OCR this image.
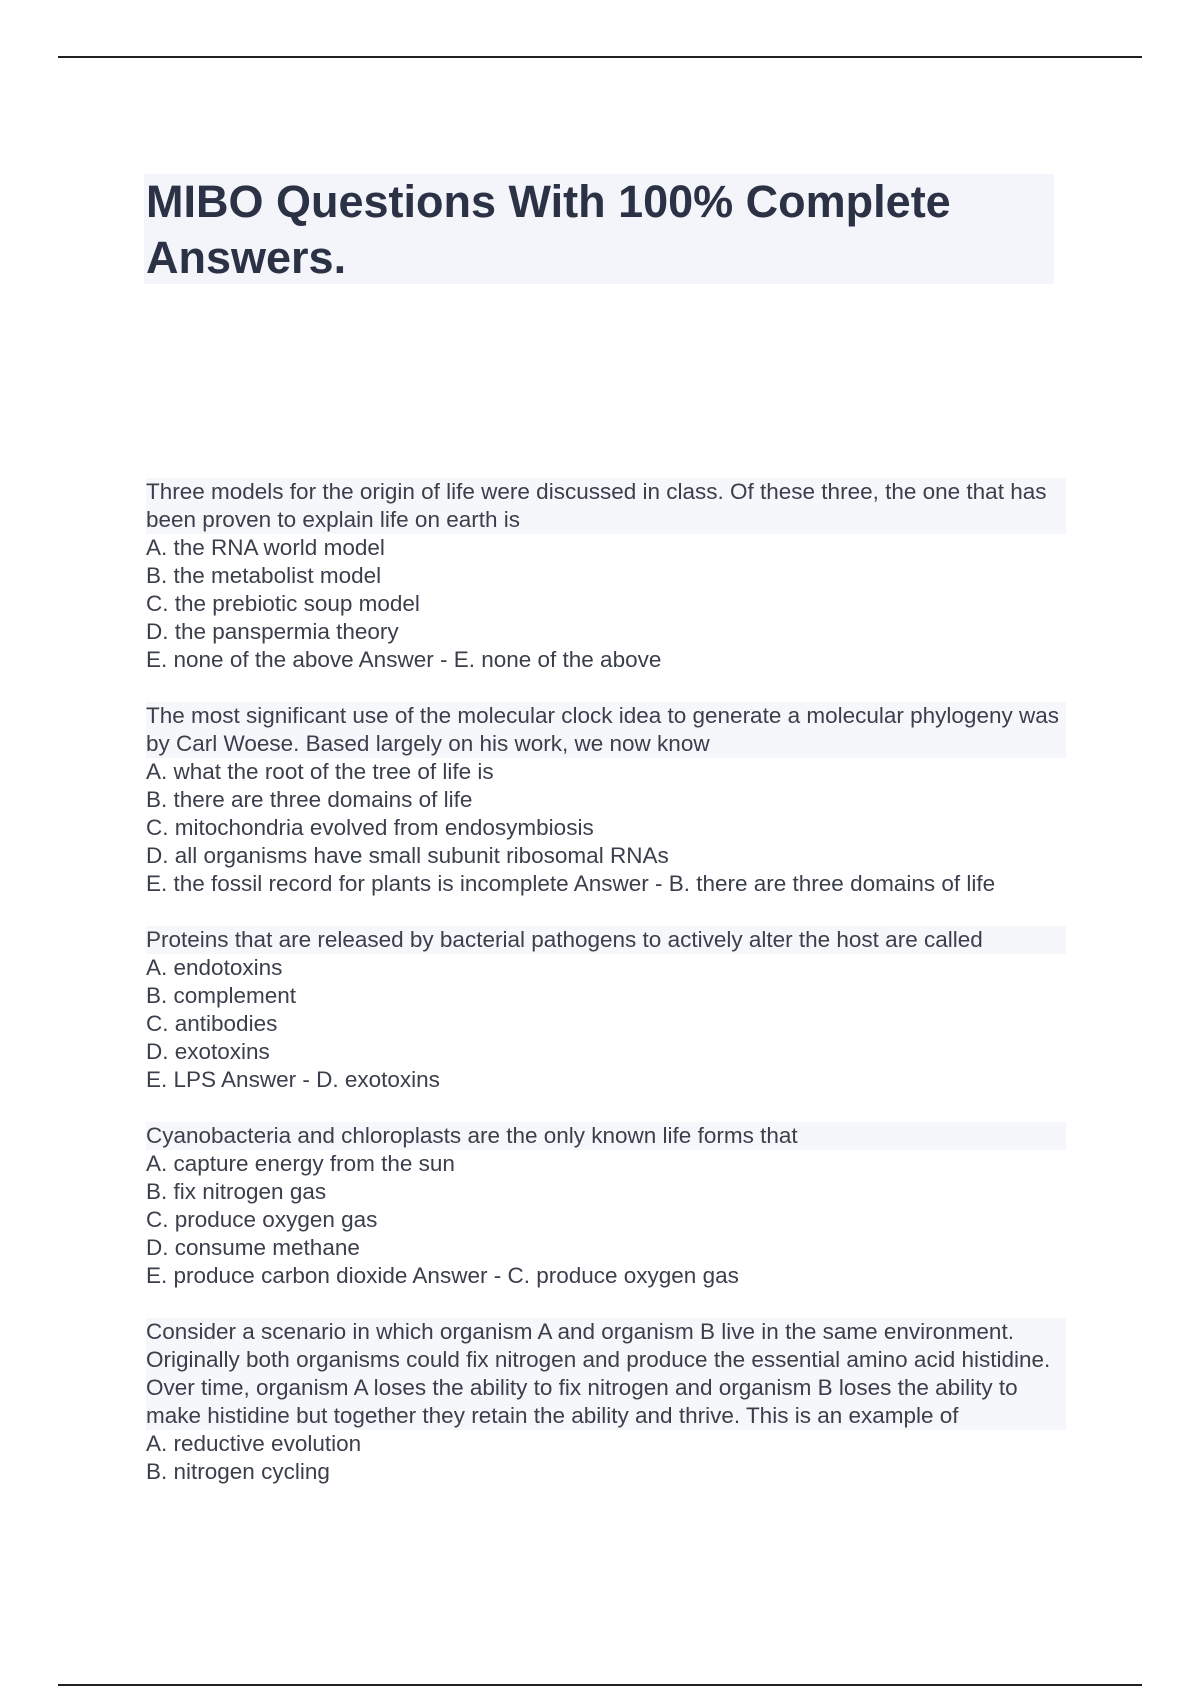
MIBO Questions With 100% Complete Answers.
Three models for the origin of life were discussed in class. Of these three, the one that has been proven to explain life on earth is
A. the RNA world model
B. the metabolist model
C. the prebiotic soup model
D. the panspermia theory
E. none of the above Answer - E. none of the above
The most significant use of the molecular clock idea to generate a molecular phylogeny was by Carl Woese. Based largely on his work, we now know
A. what the root of the tree of life is
B. there are three domains of life
C. mitochondria evolved from endosymbiosis
D. all organisms have small subunit ribosomal RNAs
E. the fossil record for plants is incomplete Answer - B. there are three domains of life
Proteins that are released by bacterial pathogens to actively alter the host are called
A. endotoxins
B. complement
C. antibodies
D. exotoxins
E. LPS Answer - D. exotoxins
Cyanobacteria and chloroplasts are the only known life forms that
A. capture energy from the sun
B. fix nitrogen gas
C. produce oxygen gas
D. consume methane
E. produce carbon dioxide Answer - C. produce oxygen gas
Consider a scenario in which organism A and organism B live in the same environment. Originally both organisms could fix nitrogen and produce the essential amino acid histidine. Over time, organism A loses the ability to fix nitrogen and organism B loses the ability to make histidine but together they retain the ability and thrive. This is an example of
A. reductive evolution
B. nitrogen cycling
